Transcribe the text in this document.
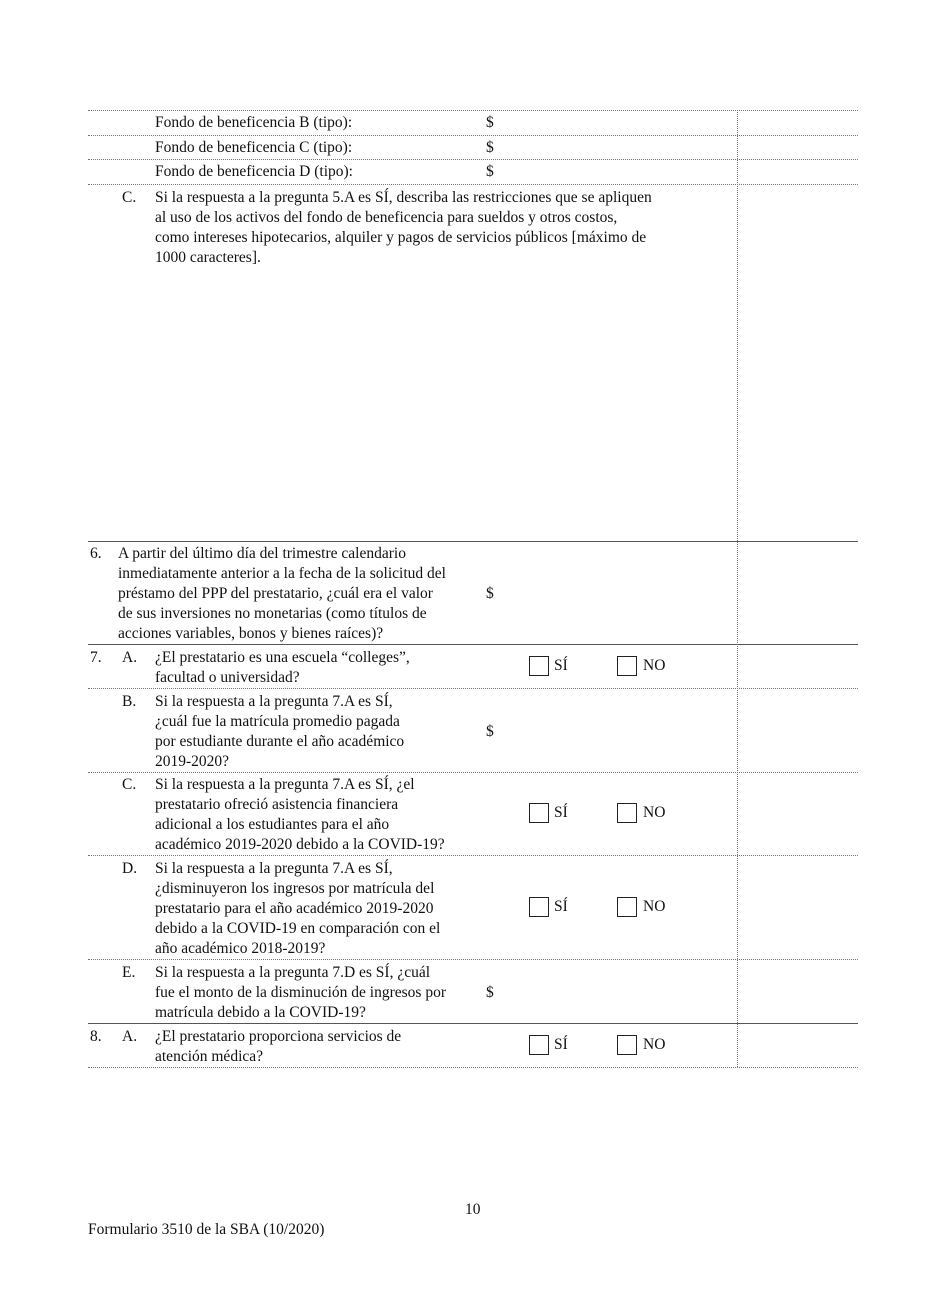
Fondo de beneficencia B (tipo):	$
Fondo de beneficencia C (tipo):	$
Fondo de beneficencia D (tipo):	$
C. Si la respuesta a la pregunta 5.A es SÍ, describa las restricciones que se apliquen
al uso de los activos del fondo de beneficencia para sueldos y otros costos,
como intereses hipotecarios, alquiler y pagos de servicios públicos [máximo de
1000 caracteres].
6. A partir del último día del trimestre calendario
inmediatamente anterior a la fecha de la solicitud del
préstamo del PPP del prestatario, ¿cuál era el valor
de sus inversiones no monetarias (como títulos de
acciones variables, bonos y bienes raíces)?
$
7. A. ¿El prestatario es una escuela “colleges”,
facultad o universidad?
SÍ	NO
B. Si la respuesta a la pregunta 7.A es SÍ,
¿cuál fue la matrícula promedio pagada
por estudiante durante el año académico
2019-2020?
$
C. Si la respuesta a la pregunta 7.A es SÍ, ¿el
prestatario ofreció asistencia financiera
adicional a los estudiantes para el año
académico 2019-2020 debido a la COVID-19?
SÍ	NO
D. Si la respuesta a la pregunta 7.A es SÍ,
¿disminuyeron los ingresos por matrícula del
prestatario para el año académico 2019-2020
debido a la COVID-19 en comparación con el
año académico 2018-2019?
SÍ	NO
E. Si la respuesta a la pregunta 7.D es SÍ, ¿cuál
fue el monto de la disminución de ingresos por
matrícula debido a la COVID-19?
$
8. A. ¿El prestatario proporciona servicios de
atención médica?
SÍ	NO
10
Formulario 3510 de la SBA (10/2020)
